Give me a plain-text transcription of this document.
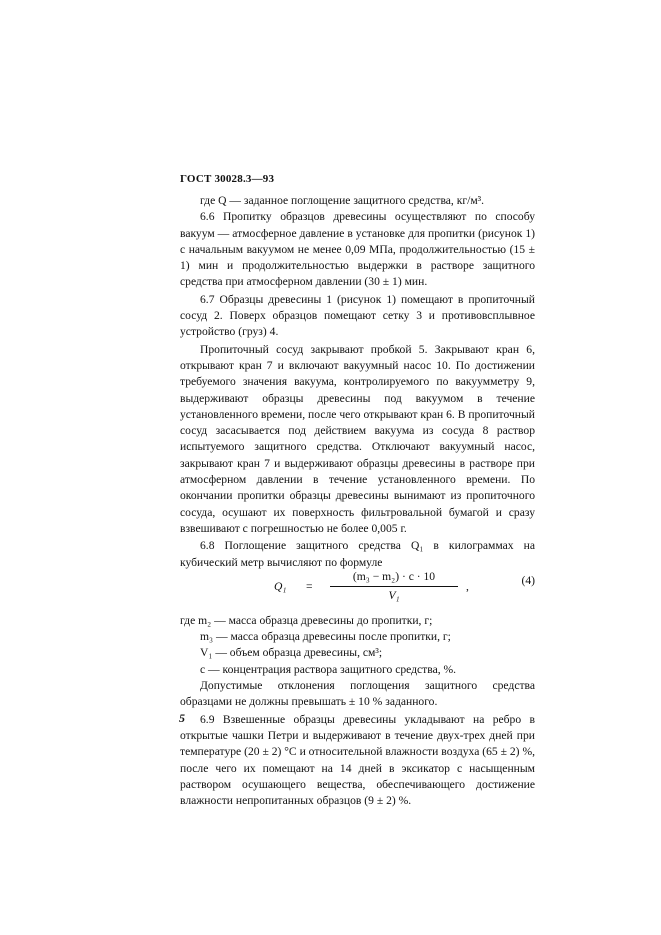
ГОСТ 30028.3—93

где Q — заданное поглощение защитного средства, кг/м³.

6.6 Пропитку образцов древесины осуществляют по способу вакуум — атмосферное давление в установке для пропитки (рисунок 1) с начальным вакуумом не менее 0,09 МПа, продолжительностью (15 ± 1) мин и продолжительностью выдержки в растворе защитного средства при атмосферном давлении (30 ± 1) мин.

6.7 Образцы древесины 1 (рисунок 1) помещают в пропиточный сосуд 2. Поверх образцов помещают сетку 3 и противовсплывное устройство (груз) 4.

Пропиточный сосуд закрывают пробкой 5. Закрывают кран 6, открывают кран 7 и включают вакуумный насос 10. По достижении требуемого значения вакуума, контролируемого по вакуумметру 9, выдерживают образцы древесины под вакуумом в течение установленного времени, после чего открывают кран 6. В пропиточный сосуд засасывается под действием вакуума из сосуда 8 раствор испытуемого защитного средства. Отключают вакуумный насос, закрывают кран 7 и выдерживают образцы древесины в растворе при атмосферном давлении в течение установленного времени. По окончании пропитки образцы древесины вынимают из пропиточного сосуда, осушают их поверхность фильтровальной бумагой и сразу взвешивают с погрешностью не более 0,005 г.

6.8 Поглощение защитного средства Q₁ в килограммах на кубический метр вычисляют по формуле

Q₁ =
(m₃ − m₂) · c · 10
V₁
,	(4)
где m₂ — масса образца древесины до пропитки, г;
m₃ — масса образца древесины после пропитки, г;
V₁ — объем образца древесины, см³;
c — концентрация раствора защитного средства, %.

Допустимые отклонения поглощения защитного средства образцами не должны превышать ± 10 % заданного.

6.9 Взвешенные образцы древесины укладывают на ребро в открытые чашки Петри и выдерживают в течение двух-трех дней при температуре (20 ± 2) °С и относительной влажности воздуха (65 ± 2) %, после чего их помещают на 14 дней в эксикатор с насыщенным раствором осушающего вещества, обеспечивающего достижение влажности непропитанных образцов (9 ± 2) %.

5
